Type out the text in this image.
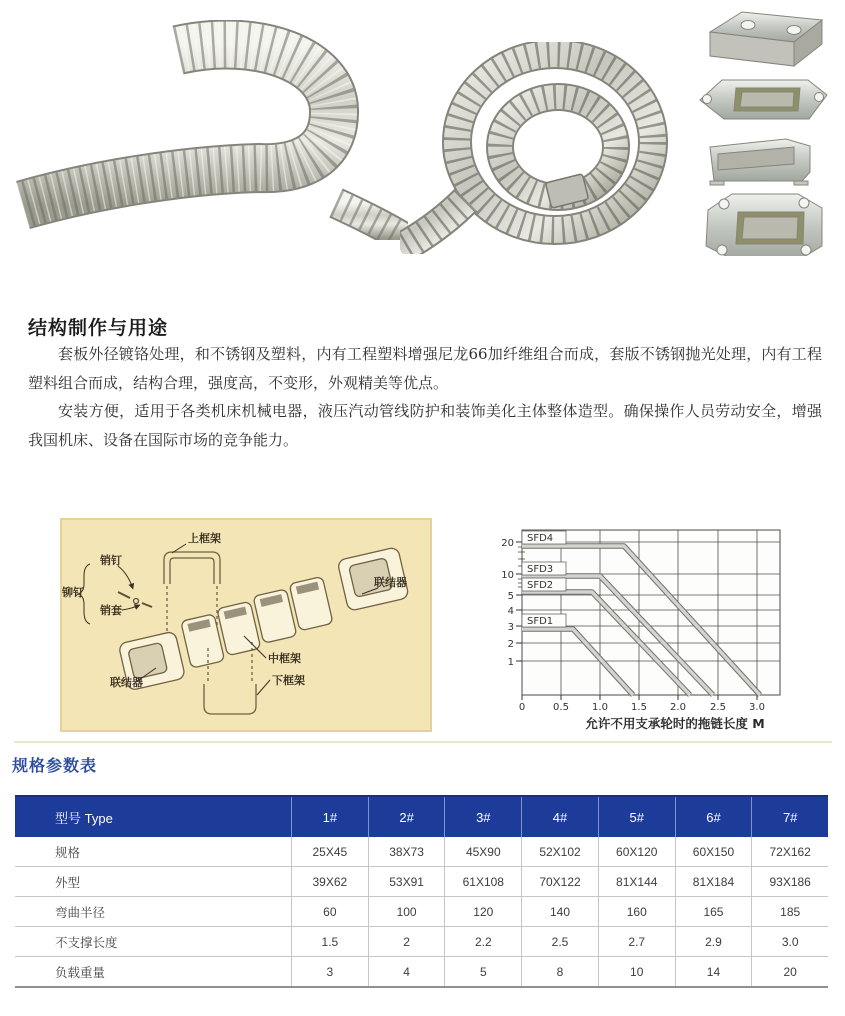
结构制作与用途

套板外径镀铬处理，和不锈钢及塑料，内有工程塑料增强尼龙66加纤维组合而成，套版不锈钢抛光处理，内有工程塑料组合而成，结构合理，强度高，不变形，外观精美等优点。

安装方便，适用于各类机床机械电器，液压汽动管线防护和装饰美化主体整体造型。确保操作人员劳动安全，增强我国机床、设备在国际市场的竞争能力。

上框架
销钉
铆钉
销套
联结器
中框架
下框架
联结器
SFD4
SFD3
SFD2
SFD1
20
10
5
4
3
2
1
0	0.5 1.0 1.5 2.0 2.5 3.0
允许不用支承轮时的拖链长度 M
规格参数表
型号 Type	1#	2#	3#	4#	5#	6#	7#
规格	25X45	38X73	45X90	52X102	60X120	60X150	72X162
外型	39X62	53X91	61X108	70X122	81X144	81X184	93X186
弯曲半径	60	100	120	140	160	165	185
不支撑长度	1.5	2	2.2	2.5	2.7	2.9	3.0
负载重量	3	4	5	8	10	14	20
